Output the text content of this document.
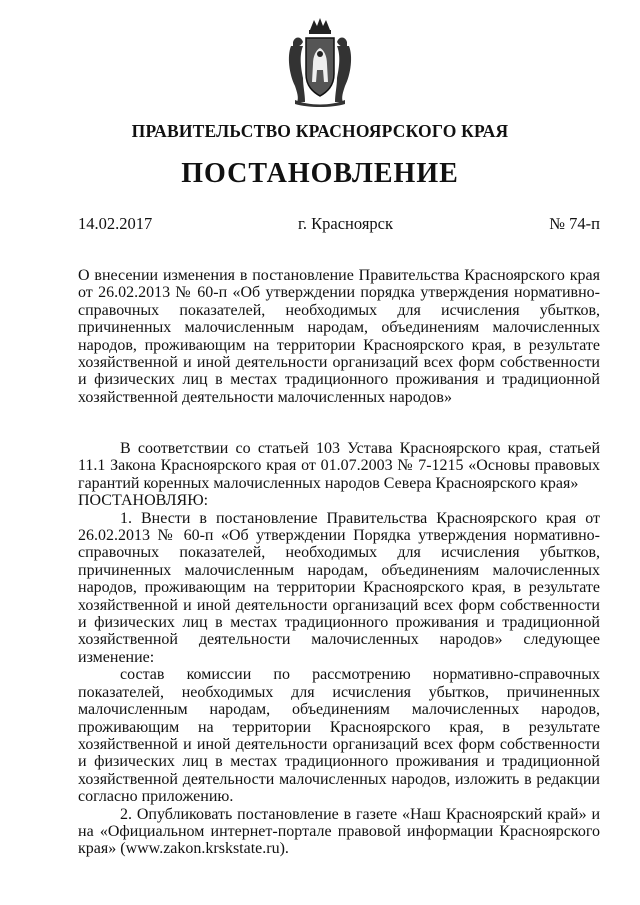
ПРАВИТЕЛЬСТВО КРАСНОЯРСКОГО КРАЯ
ПОСТАНОВЛЕНИЕ
14.02.2017	г. Красноярск	№ 74-п
О внесении изменения в постановление Правительства Красноярского края от 26.02.2013 № 60-п «Об утверждении порядка утверждения нормативно-справочных показателей, необходимых для исчисления убытков, причиненных малочисленным народам, объединениям малочисленных народов, проживающим на территории Красноярского края, в результате хозяйственной и иной деятельности организаций всех форм собственности и физических лиц в местах традиционного проживания и традиционной хозяйственной деятельности малочисленных народов»

В соответствии со статьей 103 Устава Красноярского края, статьей 11.1 Закона Красноярского края от 01.07.2003 № 7-1215 «Основы правовых гарантий коренных малочисленных народов Севера Красноярского края»

ПОСТАНОВЛЯЮ:

1. Внести в постановление Правительства Красноярского края от 26.02.2013 № 60-п «Об утверждении Порядка утверждения нормативно-справочных показателей, необходимых для исчисления убытков, причиненных малочисленным народам, объединениям малочисленных народов, проживающим на территории Красноярского края, в результате хозяйственной и иной деятельности организаций всех форм собственности и физических лиц в местах традиционного проживания и традиционной хозяйственной деятельности малочисленных народов» следующее изменение:

состав комиссии по рассмотрению нормативно-справочных показателей, необходимых для исчисления убытков, причиненных малочисленным народам, объединениям малочисленных народов, проживающим на территории Красноярского края, в результате хозяйственной и иной деятельности организаций всех форм собственности и физических лиц в местах традиционного проживания и традиционной хозяйственной деятельности малочисленных народов, изложить в редакции согласно приложению.

2. Опубликовать постановление в газете «Наш Красноярский край» и на «Официальном интернет-портале правовой информации Красноярского края» (www.zakon.krskstate.ru).
